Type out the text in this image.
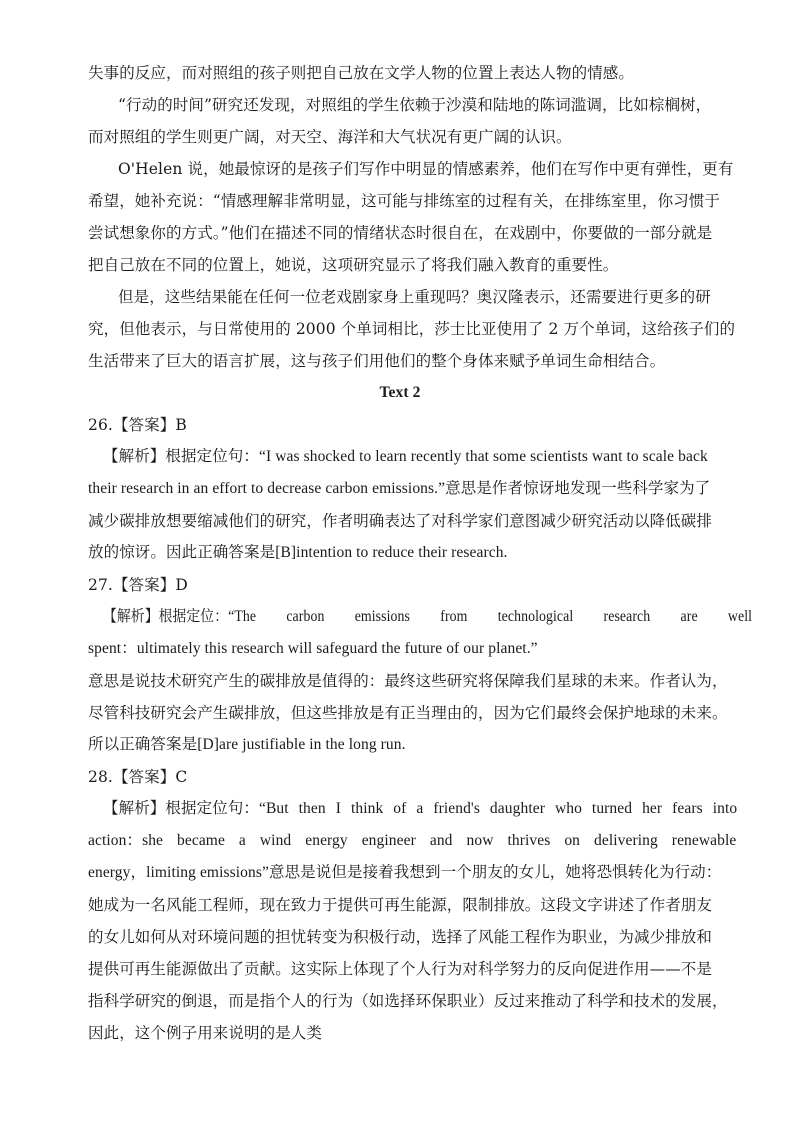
失事的反应，而对照组的孩子则把自己放在文学人物的位置上表达人物的情感。
“行动的时间”研究还发现，对照组的学生依赖于沙漠和陆地的陈词滥调，比如棕榈树，
而对照组的学生则更广阔，对天空、海洋和大气状况有更广阔的认识。
O'Helen 说，她最惊讶的是孩子们写作中明显的情感素养，他们在写作中更有弹性，更有
希望，她补充说：“情感理解非常明显，这可能与排练室的过程有关，在排练室里，你习惯于
尝试想象你的方式。”他们在描述不同的情绪状态时很自在，在戏剧中，你要做的一部分就是
把自己放在不同的位置上，她说，这项研究显示了将我们融入教育的重要性。
但是，这些结果能在任何一位老戏剧家身上重现吗？奥汉隆表示，还需要进行更多的研
究，但他表示，与日常使用的 2000 个单词相比，莎士比亚使用了 2 万个单词，这给孩子们的
生活带来了巨大的语言扩展，这与孩子们用他们的整个身体来赋予单词生命相结合。
Text 2
26.【答案】B
【解析】根据定位句：“I was shocked to learn recently that some scientists want to scale back
their research in an effort to decrease carbon emissions.”意思是作者惊讶地发现一些科学家为了
减少碳排放想要缩减他们的研究，作者明确表达了对科学家们意图减少研究活动以降低碳排
放的惊讶。因此正确答案是[B]intention to reduce their research.
27.【答案】D
【解析】根据定位：“The carbon emissions from technological research are well
spent：ultimately this research will safeguard the future of our planet.”
意思是说技术研究产生的碳排放是值得的：最终这些研究将保障我们星球的未来。作者认为，
尽管科技研究会产生碳排放，但这些排放是有正当理由的，因为它们最终会保护地球的未来。
所以正确答案是[D]are justifiable in the long run.
28.【答案】C
【解析】根据定位句：“But then I think of a friend's daughter who turned her fears into
action：she became a wind energy engineer and now thrives on delivering renewable
energy，limiting emissions”意思是说但是接着我想到一个朋友的女儿，她将恐惧转化为行动：
她成为一名风能工程师，现在致力于提供可再生能源，限制排放。这段文字讲述了作者朋友
的女儿如何从对环境问题的担忧转变为积极行动，选择了风能工程作为职业，为减少排放和
提供可再生能源做出了贡献。这实际上体现了个人行为对科学努力的反向促进作用——不是
指科学研究的倒退，而是指个人的行为（如选择环保职业）反过来推动了科学和技术的发展，
因此，这个例子用来说明的是人类
